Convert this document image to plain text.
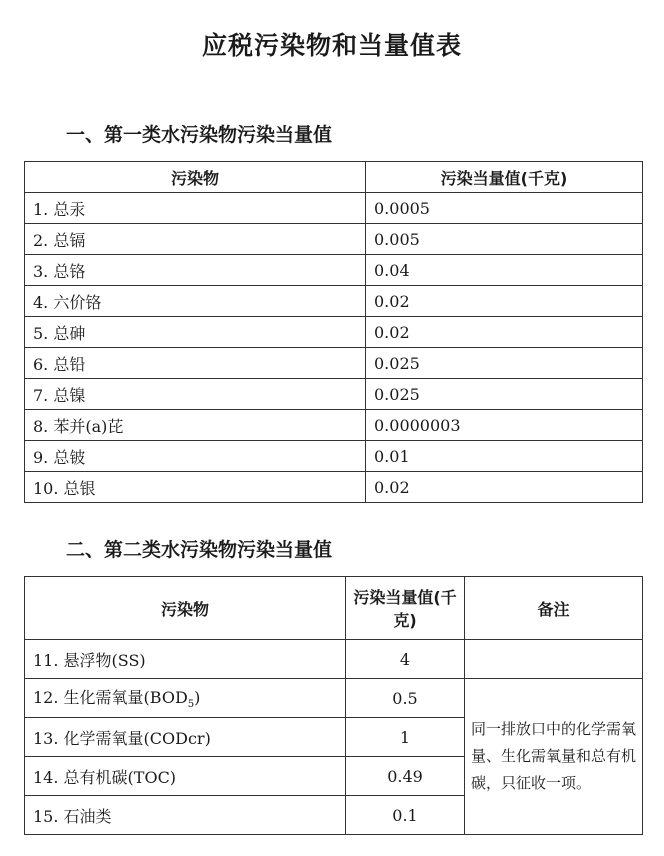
应税污染物和当量值表
一、第一类水污染物污染当量值
污染物	污染当量值(千克)
1. 总汞	0.0005
2. 总镉	0.005
3. 总铬	0.04
4. 六价铬	0.02
5. 总砷	0.02
6. 总铅	0.025
7. 总镍	0.025
8. 苯并(a)芘	0.0000003
9. 总铍	0.01
10. 总银	0.02
二、第二类水污染物污染当量值
污染物	污染当量值(千克)	备注
11. 悬浮物(SS)	4	
12. 生化需氧量$(BOD_5)$	0.5	同一排放口中的化学需氧量、生化需氧量和总有机碳，只征收一项。
13. 化学需氧量(CODcr)	1	
14. 总有机碳(TOC)	0.49	
15. 石油类	0.1	
